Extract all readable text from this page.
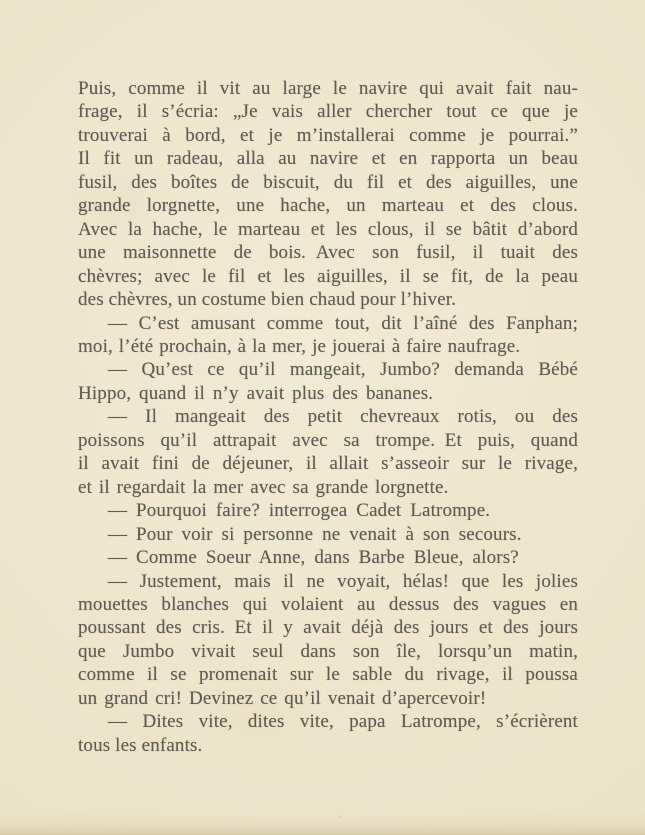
Puis, comme il vit au large le navire qui avait fait nau-
frage, il s’écria: „Je vais aller chercher tout ce que je
trouverai à bord, et je m’installerai comme je pourrai.”
Il fit un radeau, alla au navire et en rapporta un beau
fusil, des boîtes de biscuit, du fil et des aiguilles, une
grande lorgnette, une hache, un marteau et des clous.
Avec la hache, le marteau et les clous, il se bâtit d’abord
une maisonnette de bois. Avec son fusil, il tuait des
chèvres; avec le fil et les aiguilles, il se fit, de la peau
des chèvres, un costume bien chaud pour l’hiver.
— C’est amusant comme tout, dit l’aîné des Fanphan;
moi, l’été prochain, à la mer, je jouerai à faire naufrage.
— Qu’est ce qu’il mangeait, Jumbo? demanda Bébé
Hippo, quand il n’y avait plus des bananes.
— Il mangeait des petit chevreaux rotis, ou des
poissons qu’il attrapait avec sa trompe. Et puis, quand
il avait fini de déjeuner, il allait s’asseoir sur le rivage,
et il regardait la mer avec sa grande lorgnette.
— Pourquoi faire? interrogea Cadet Latrompe.
— Pour voir si personne ne venait à son secours.
— Comme Soeur Anne, dans Barbe Bleue, alors?
— Justement, mais il ne voyait, hélas! que les jolies
mouettes blanches qui volaient au dessus des vagues en
poussant des cris. Et il y avait déjà des jours et des jours
que Jumbo vivait seul dans son île, lorsqu’un matin,
comme il se promenait sur le sable du rivage, il poussa
un grand cri! Devinez ce qu’il venait d’apercevoir!
— Dites vite, dites vite, papa Latrompe, s’écrièrent
tous les enfants.
